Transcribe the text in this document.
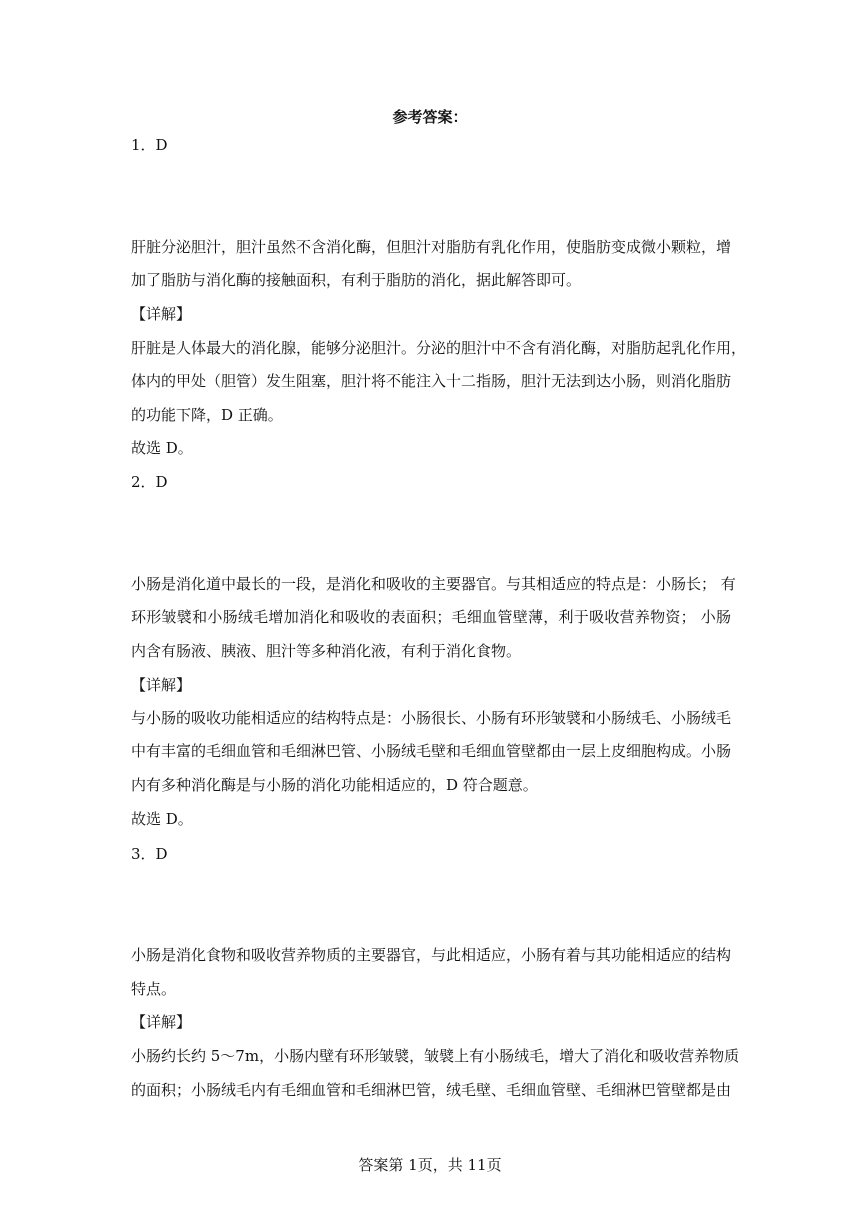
参考答案：
1．D
肝脏分泌胆汁，胆汁虽然不含消化酶，但胆汁对脂肪有乳化作用，使脂肪变成微小颗粒，增
加了脂肪与消化酶的接触面积，有利于脂肪的消化，据此解答即可。
【详解】
肝脏是人体最大的消化腺，能够分泌胆汁。分泌的胆汁中不含有消化酶，对脂肪起乳化作用，
体内的甲处（胆管）发生阻塞，胆汁将不能注入十二指肠，胆汁无法到达小肠，则消化脂肪
的功能下降，D 正确。
故选 D。
2．D
小肠是消化道中最长的一段，是消化和吸收的主要器官。与其相适应的特点是：小肠长； 有
环形皱襞和小肠绒毛增加消化和吸收的表面积；毛细血管壁薄，利于吸收营养物资； 小肠
内含有肠液、胰液、胆汁等多种消化液，有利于消化食物。
【详解】
与小肠的吸收功能相适应的结构特点是：小肠很长、小肠有环形皱襞和小肠绒毛、小肠绒毛
中有丰富的毛细血管和毛细淋巴管、小肠绒毛壁和毛细血管壁都由一层上皮细胞构成。小肠
内有多种消化酶是与小肠的消化功能相适应的，D 符合题意。
故选 D。
3．D
小肠是消化食物和吸收营养物质的主要器官，与此相适应，小肠有着与其功能相适应的结构
特点。
【详解】
小肠约长约 5～7m，小肠内壁有环形皱襞，皱襞上有小肠绒毛，增大了消化和吸收营养物质
的面积；小肠绒毛内有毛细血管和毛细淋巴管，绒毛壁、毛细血管壁、毛细淋巴管壁都是由
答案第 1页，共 11页
